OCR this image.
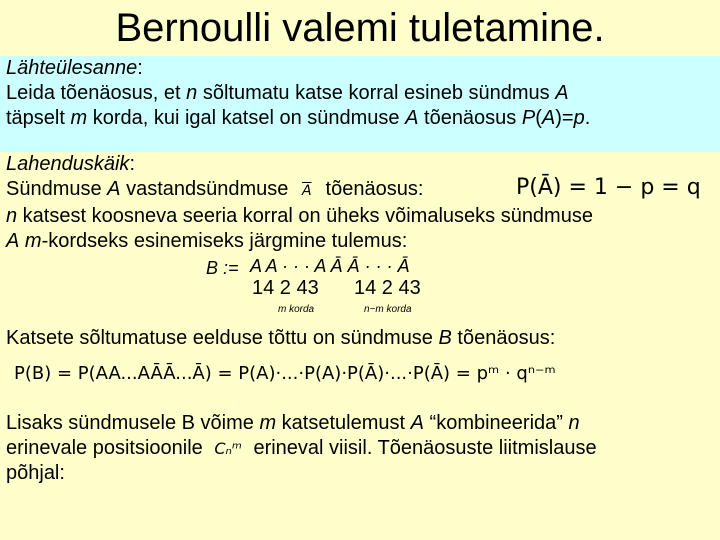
Bernoulli valemi tuletamine.
Lähteülesanne:
Leida tõenäosus, et n sõltumatu katse korral esineb sündmus A
täpselt m korda, kui igal katsel on sündmuse A tõenäosus P(A)=p.
Lahenduskäik:
Sündmuse A vastandsündmuse $\overline{A}$ tõenäosus:	P(Ā) = 1 − p = q
n katsest koosneva seeria korral on üheks võimaluseks sündmuse
A m-kordseks esinemiseks järgmine tulemus:
B := A A · · · A Ā Ā · · · Ā
14 2 43 14 2 43
m korda	n−m korda
Katsete sõltumatuse eelduse tõttu on sündmuse B tõenäosus:
P(B) = P(AA...AĀĀ...Ā) = P(A)·...·P(A)·P(Ā)·...·P(Ā) = pᵐ · qⁿ⁻ᵐ
Lisaks sündmusele B võime m katsetulemust A “kombineerida” n
erinevale positsioonile Cₙᵐ erineval viisil. Tõenäosuste liitmislause
põhjal:
